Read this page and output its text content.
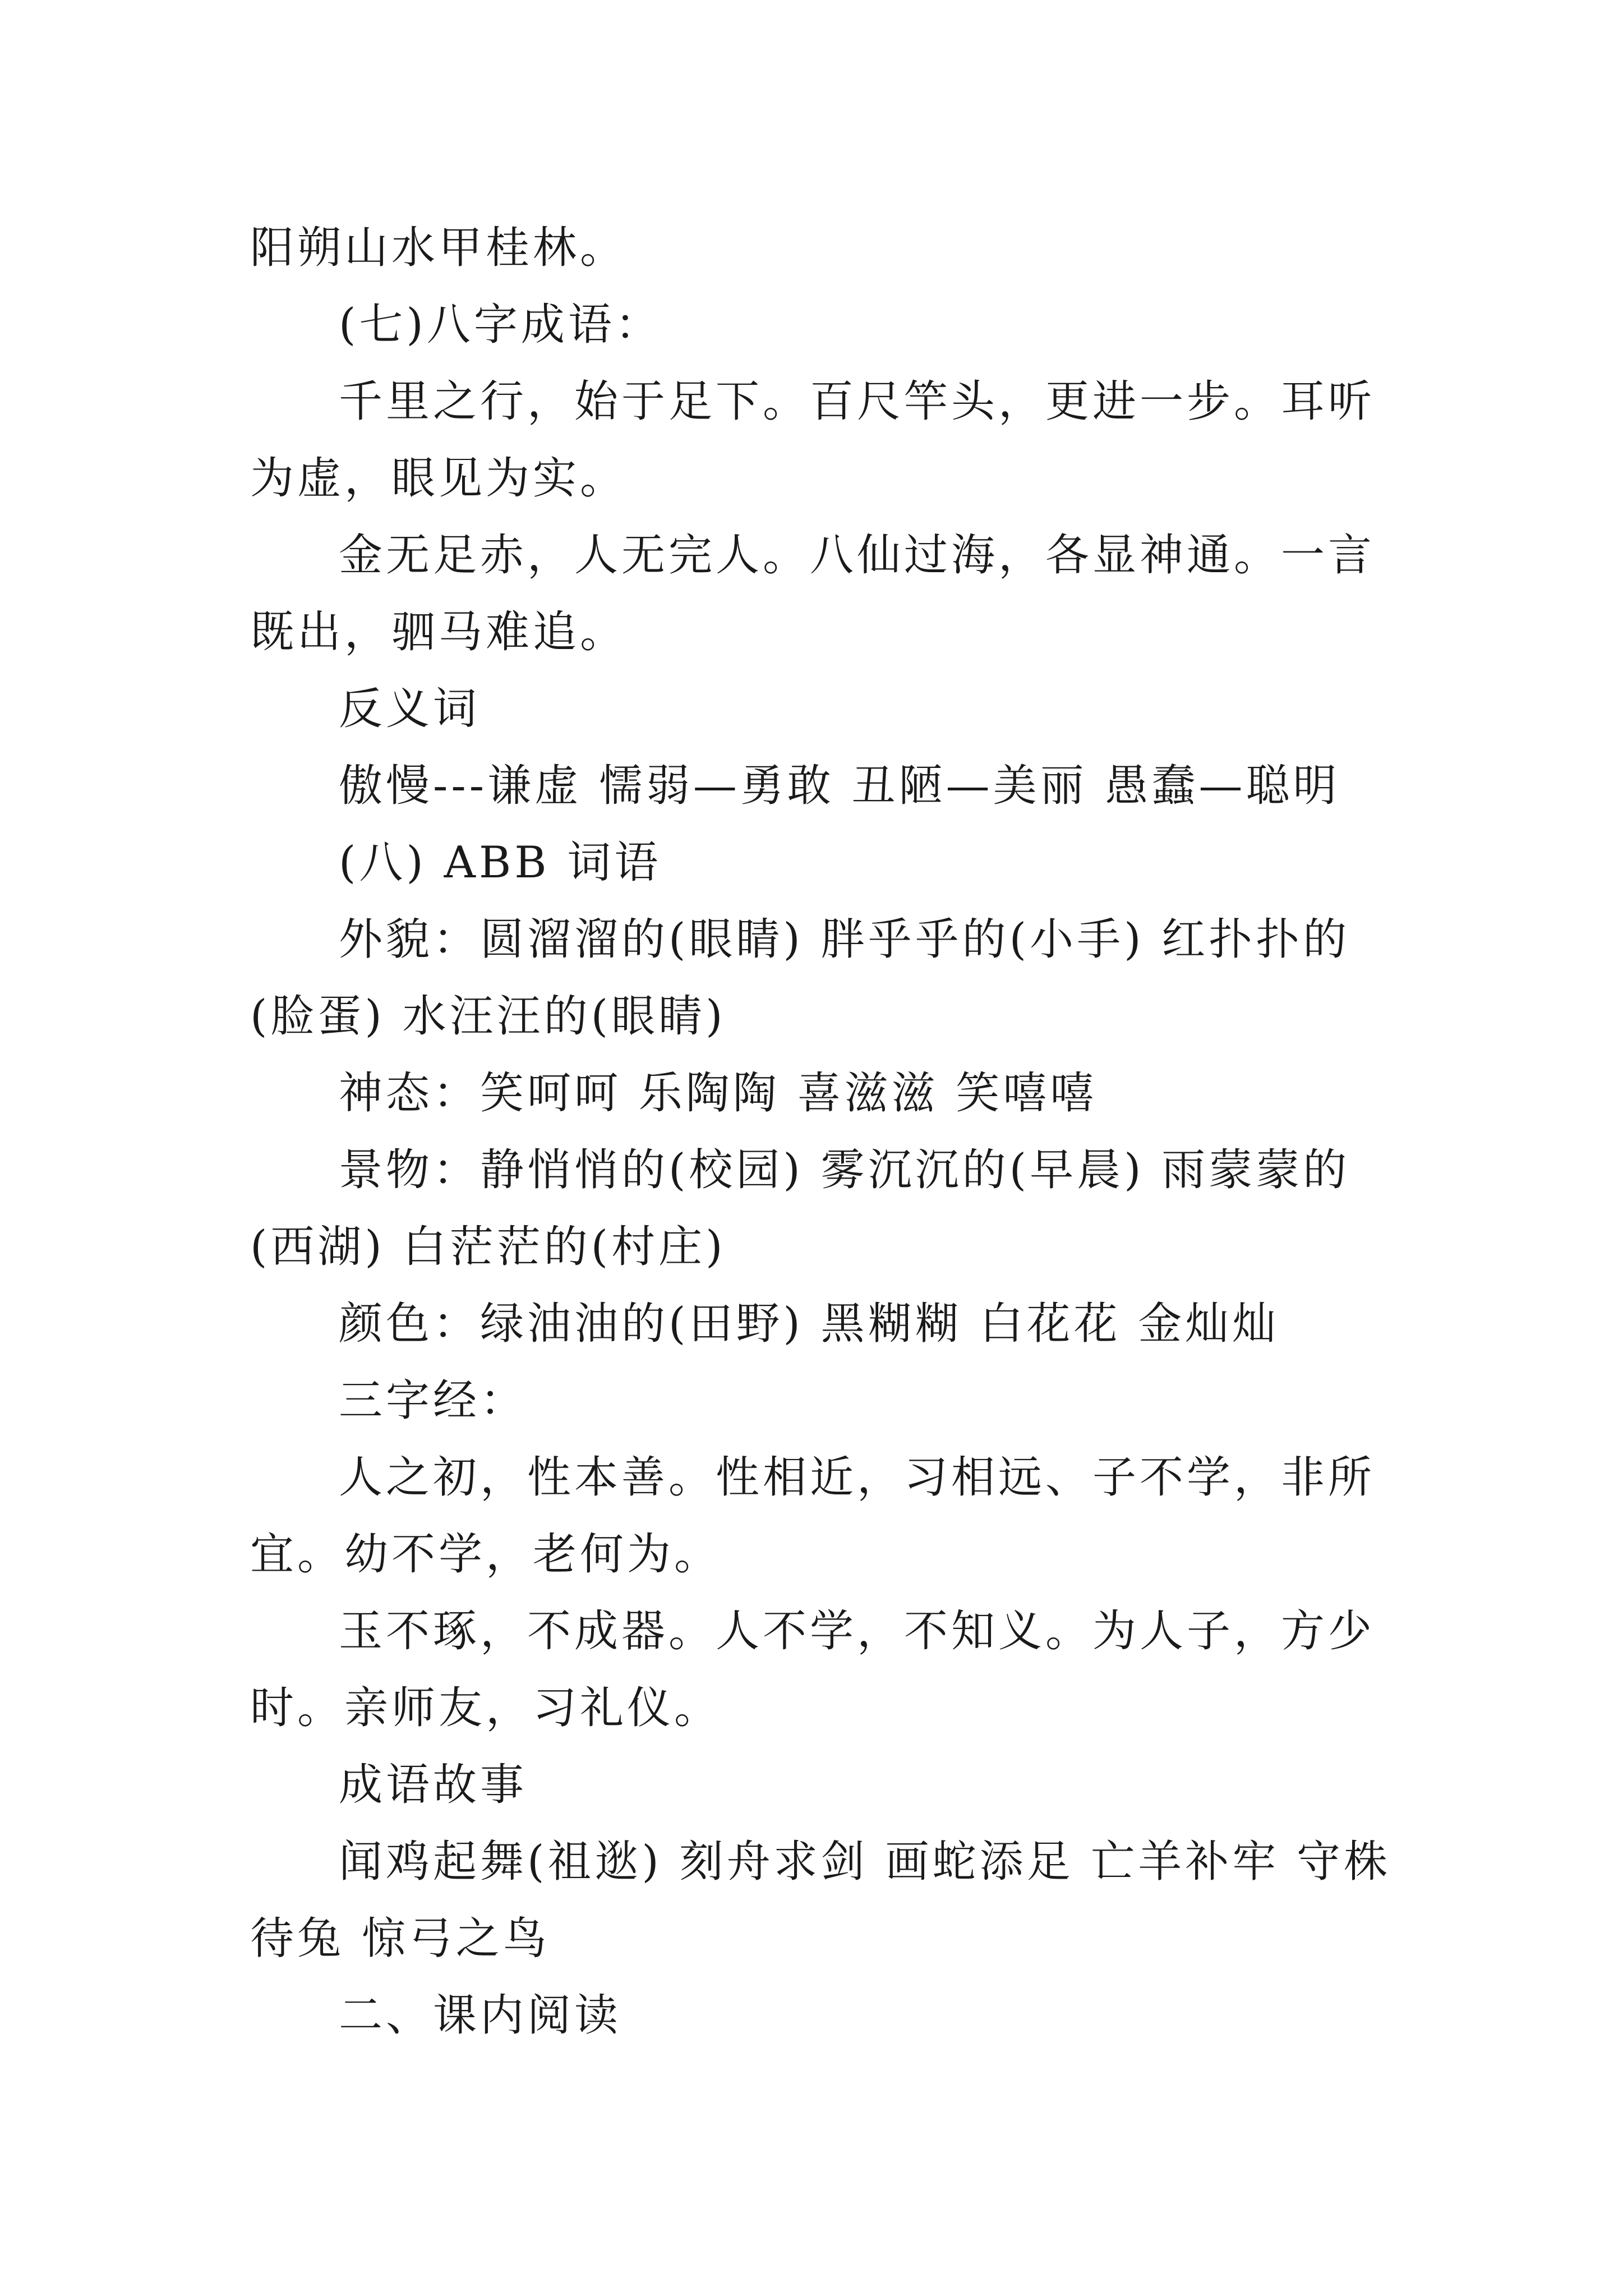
阳朔山水甲桂林。

(七)八字成语：

千里之行，始于足下。百尺竿头，更进一步。耳听为虚，眼见为实。

金无足赤，人无完人。八仙过海，各显神通。一言既出，驷马难追。

反义词

傲慢---谦虚 懦弱—勇敢 丑陋—美丽 愚蠢—聪明

(八) ABB 词语

外貌：圆溜溜的(眼睛) 胖乎乎的(小手) 红扑扑的(脸蛋) 水汪汪的(眼睛)

神态：笑呵呵 乐陶陶 喜滋滋 笑嘻嘻

景物：静悄悄的(校园) 雾沉沉的(早晨) 雨蒙蒙的(西湖) 白茫茫的(村庄)

颜色：绿油油的(田野) 黑糊糊 白花花 金灿灿

三字经：

人之初，性本善。性相近，习相远、子不学，非所宜。幼不学，老何为。

玉不琢，不成器。人不学，不知义。为人子，方少时。亲师友，习礼仪。

成语故事

闻鸡起舞(祖逖) 刻舟求剑 画蛇添足 亡羊补牢 守株待兔 惊弓之鸟

二、课内阅读
